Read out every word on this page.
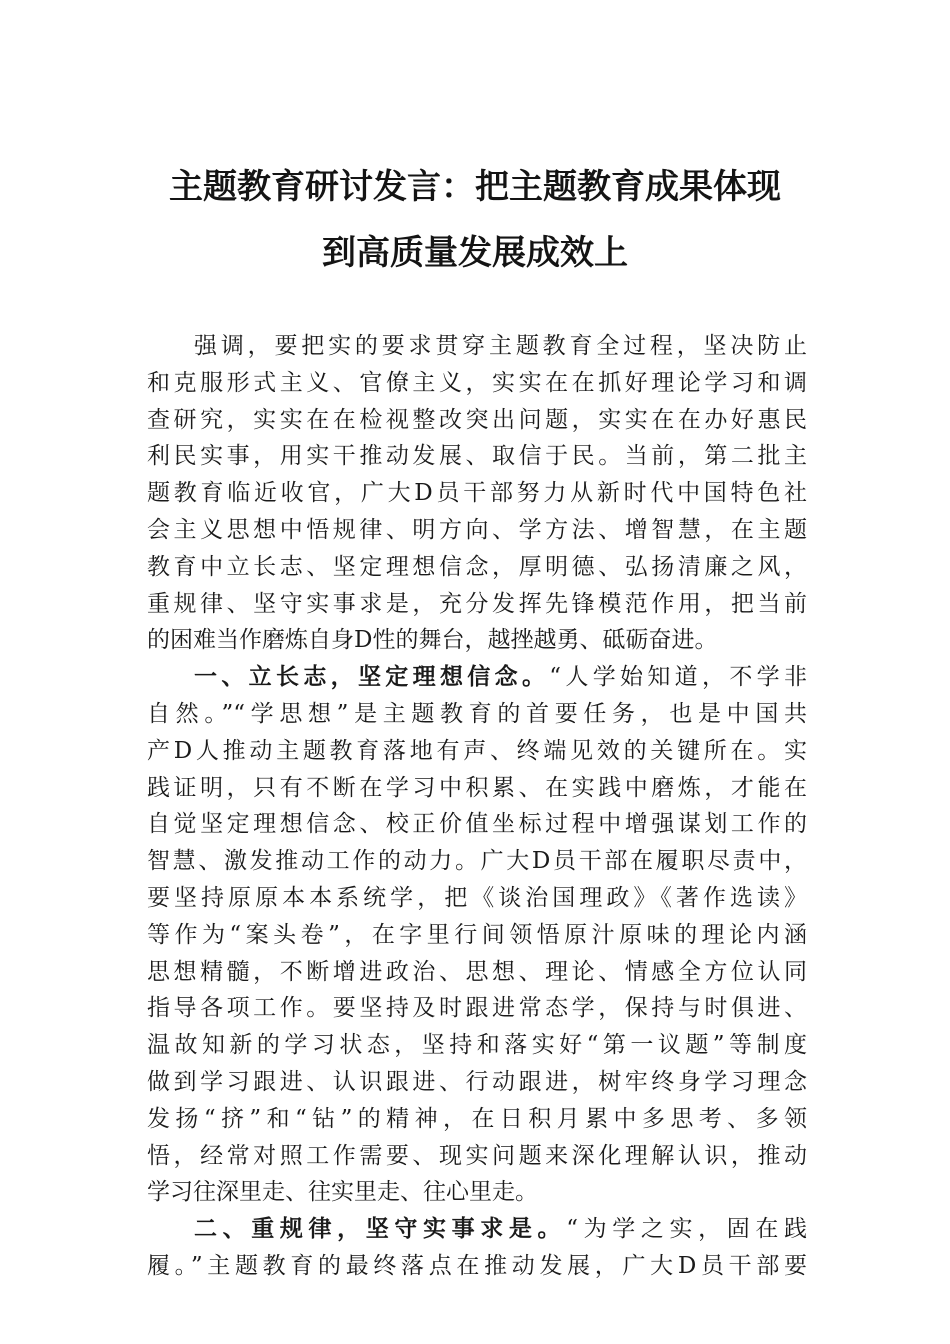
主题教育研讨发言：把主题教育成果体现
到高质量发展成效上
强调，要把实的要求贯穿主题教育全过程，坚决防止
和克服形式主义、官僚主义，实实在在抓好理论学习和调
查研究，实实在在检视整改突出问题，实实在在办好惠民
利民实事，用实干推动发展、取信于民。当前，第二批主
题教育临近收官，广大D员干部努力从新时代中国特色社
会主义思想中悟规律、明方向、学方法、增智慧，在主题
教育中立长志、坚定理想信念，厚明德、弘扬清廉之风，
重规律、坚守实事求是，充分发挥先锋模范作用，把当前
的困难当作磨炼自身D性的舞台，越挫越勇、砥砺奋进。
一、立长志，坚定理想信念。“人学始知道，不学非
自然。”“学思想”是主题教育的首要任务，也是中国共
产D人推动主题教育落地有声、终端见效的关键所在。实
践证明，只有不断在学习中积累、在实践中磨炼，才能在
自觉坚定理想信念、校正价值坐标过程中增强谋划工作的
智慧、激发推动工作的动力。广大D员干部在履职尽责中，
要坚持原原本本系统学，把《谈治国理政》《著作选读》
等作为“案头卷”，在字里行间领悟原汁原味的理论内涵
思想精髓，不断增进政治、思想、理论、情感全方位认同
指导各项工作。要坚持及时跟进常态学，保持与时俱进、
温故知新的学习状态，坚持和落实好“第一议题”等制度
做到学习跟进、认识跟进、行动跟进，树牢终身学习理念
发扬“挤”和“钻”的精神，在日积月累中多思考、多领
悟，经常对照工作需要、现实问题来深化理解认识，推动
学习往深里走、往实里走、往心里走。
二、重规律，坚守实事求是。“为学之实，固在践
履。”主题教育的最终落点在推动发展，广大D员干部要
